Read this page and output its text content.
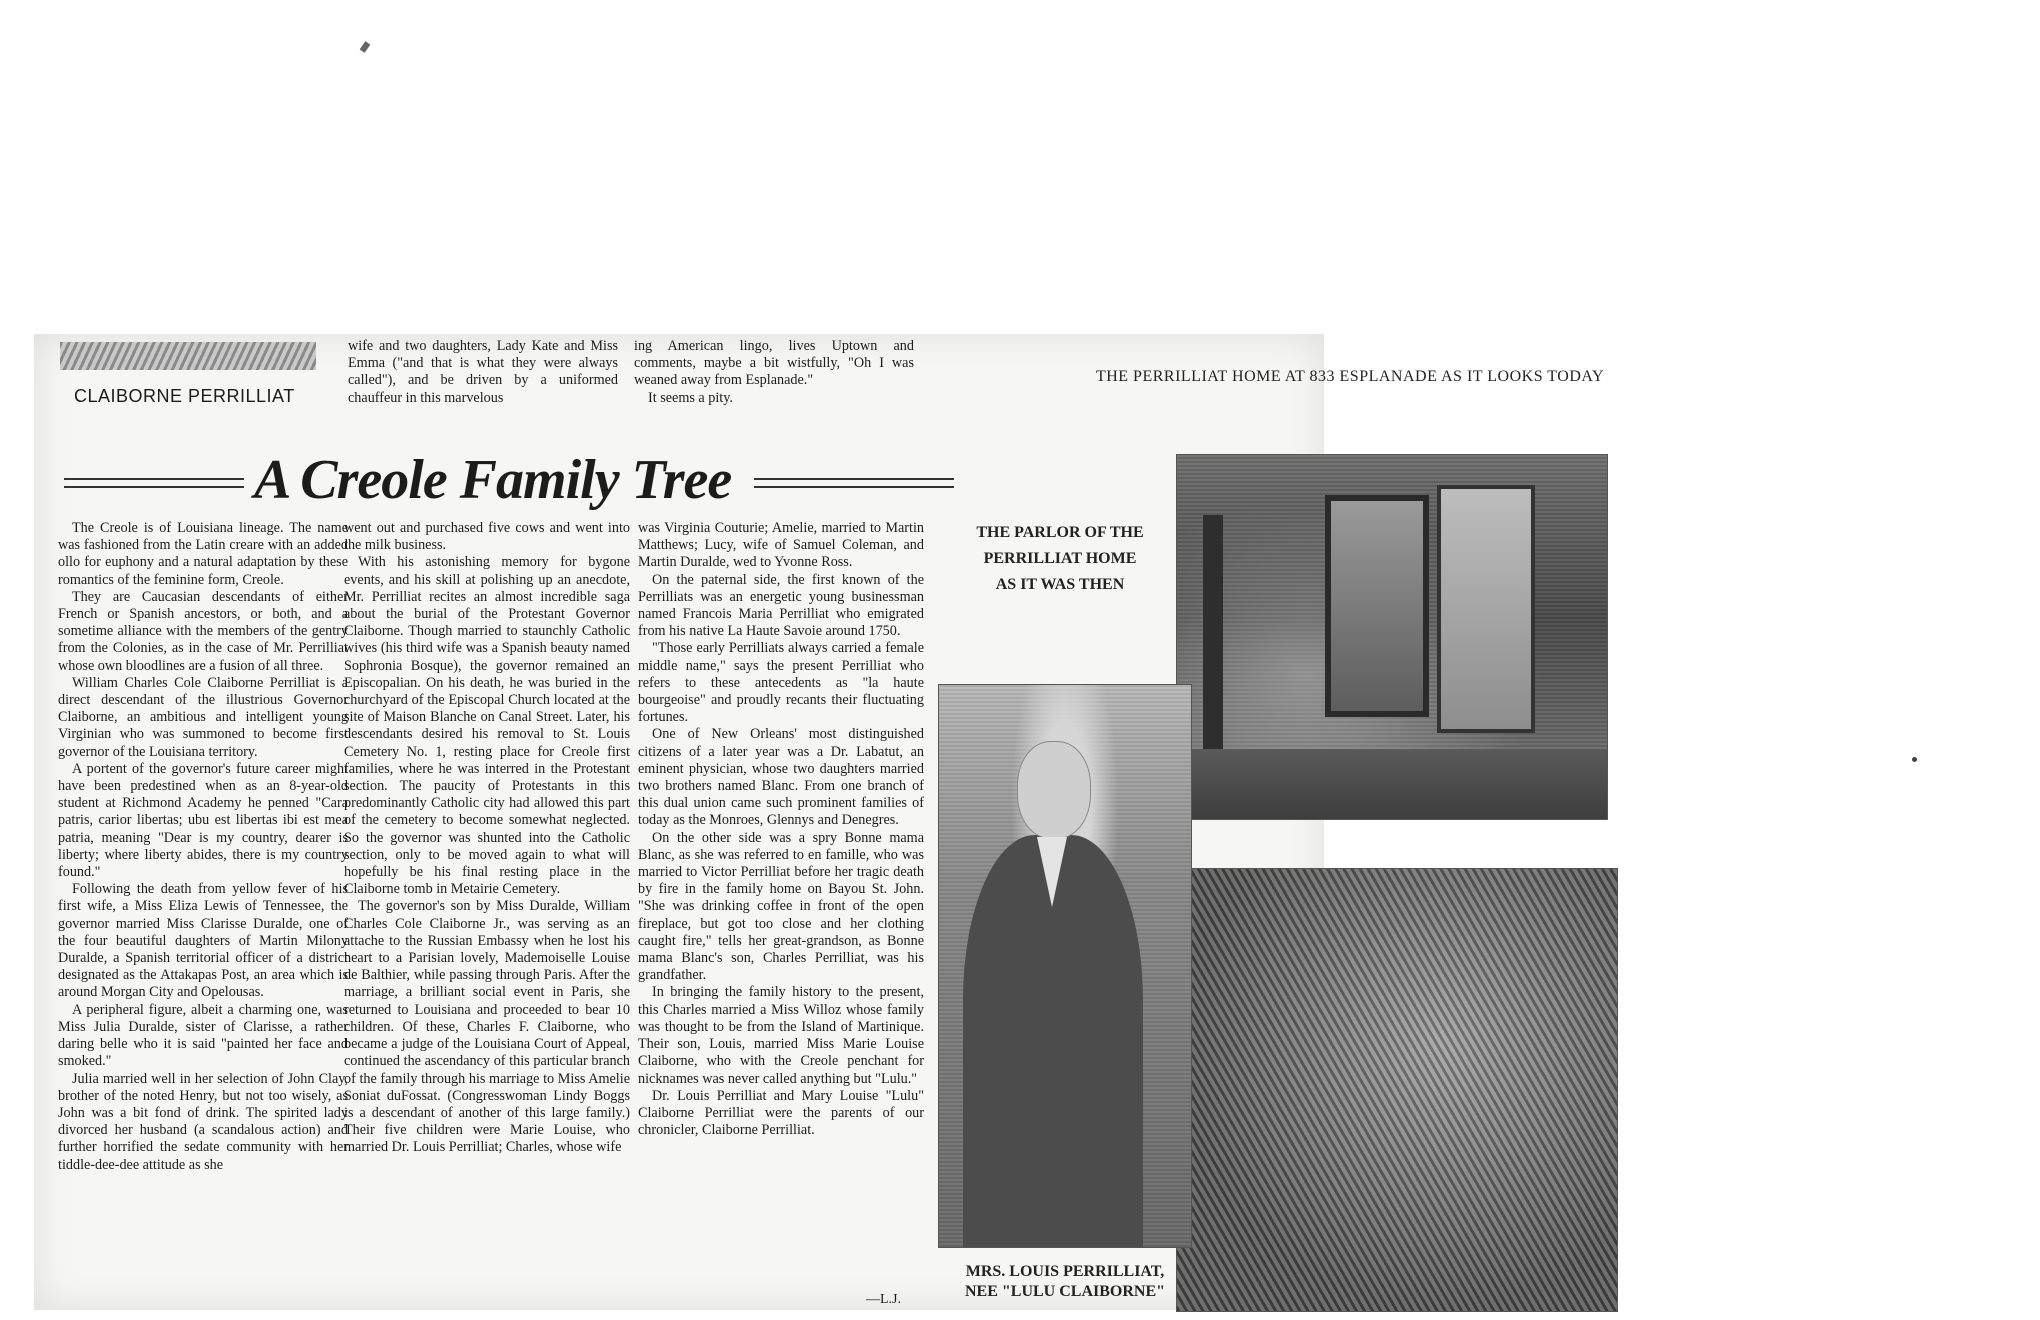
CLAIBORNE PERRILLIAT

wife and two daughters, Lady Kate and Miss Emma ("and that is what they were always called"), and be driven by a uniformed chauffeur in this marvelous

ing American lingo, lives Uptown and comments, maybe a bit wistfully, "Oh I was weaned away from Esplanade."

It seems a pity.

A Creole Family Tree

The Creole is of Louisiana lineage. The name was fashioned from the Latin creare with an added ollo for euphony and a natural adaptation by these romantics of the feminine form, Creole.

They are Caucasian descendants of either French or Spanish ancestors, or both, and a sometime alliance with the members of the gentry from the Colonies, as in the case of Mr. Perrilliat whose own bloodlines are a fusion of all three.

William Charles Cole Claiborne Perrilliat is a direct descendant of the illustrious Governor Claiborne, an ambitious and intelligent young Virginian who was summoned to become first governor of the Louisiana territory.

A portent of the governor's future career might have been predestined when as an 8-year-old student at Richmond Academy he penned "Cara patris, carior libertas; ubu est libertas ibi est mea patria, meaning "Dear is my country, dearer is liberty; where liberty abides, there is my country found."

Following the death from yellow fever of his first wife, a Miss Eliza Lewis of Tennessee, the governor married Miss Clarisse Duralde, one of the four beautiful daughters of Martin Milony Duralde, a Spanish territorial officer of a district designated as the Attakapas Post, an area which is around Morgan City and Opelousas.

A peripheral figure, albeit a charming one, was Miss Julia Duralde, sister of Clarisse, a rather daring belle who it is said "painted her face and smoked."

Julia married well in her selection of John Clay, brother of the noted Henry, but not too wisely, as John was a bit fond of drink. The spirited lady divorced her husband (a scandalous action) and further horrified the sedate community with her tiddle-dee-dee attitude as she

went out and purchased five cows and went into the milk business.

With his astonishing memory for bygone events, and his skill at polishing up an anecdote, Mr. Perrilliat recites an almost incredible saga about the burial of the Protestant Governor Claiborne. Though married to staunchly Catholic wives (his third wife was a Spanish beauty named Sophronia Bosque), the governor remained an Episcopalian. On his death, he was buried in the churchyard of the Episcopal Church located at the site of Maison Blanche on Canal Street. Later, his descendants desired his removal to St. Louis Cemetery No. 1, resting place for Creole first families, where he was interred in the Protestant section. The paucity of Protestants in this predominantly Catholic city had allowed this part of the cemetery to become somewhat neglected. So the governor was shunted into the Catholic section, only to be moved again to what will hopefully be his final resting place in the Claiborne tomb in Metairie Cemetery.

The governor's son by Miss Duralde, William Charles Cole Claiborne Jr., was serving as an attache to the Russian Embassy when he lost his heart to a Parisian lovely, Mademoiselle Louise de Balthier, while passing through Paris. After the marriage, a brilliant social event in Paris, she returned to Louisiana and proceeded to bear 10 children. Of these, Charles F. Claiborne, who became a judge of the Louisiana Court of Appeal, continued the ascendancy of this particular branch of the family through his marriage to Miss Amelie Soniat duFossat. (Congresswoman Lindy Boggs is a descendant of another of this large family.) Their five children were Marie Louise, who married Dr. Louis Perrilliat; Charles, whose wife

was Virginia Couturie; Amelie, married to Martin Matthews; Lucy, wife of Samuel Coleman, and Martin Duralde, wed to Yvonne Ross.

On the paternal side, the first known of the Perrilliats was an energetic young businessman named Francois Maria Perrilliat who emigrated from his native La Haute Savoie around 1750.

"Those early Perrilliats always carried a female middle name," says the present Perrilliat who refers to these antecedents as "la haute bourgeoise" and proudly recants their fluctuating fortunes.

One of New Orleans' most distinguished citizens of a later year was a Dr. Labatut, an eminent physician, whose two daughters married two brothers named Blanc. From one branch of this dual union came such prominent families of today as the Monroes, Glennys and Denegres.

On the other side was a spry Bonne mama Blanc, as she was referred to en famille, who was married to Victor Perrilliat before her tragic death by fire in the family home on Bayou St. John. "She was drinking coffee in front of the open fireplace, but got too close and her clothing caught fire," tells her great-grandson, as Bonne mama Blanc's son, Charles Perrilliat, was his grandfather.

In bringing the family history to the present, this Charles married a Miss Willoz whose family was thought to be from the Island of Martinique. Their son, Louis, married Miss Marie Louise Claiborne, who with the Creole penchant for nicknames was never called anything but "Lulu."

Dr. Louis Perrilliat and Mary Louise "Lulu" Claiborne Perrilliat were the parents of our chronicler, Claiborne Perrilliat.

—L.J.
THE PERRILLIAT HOME AT 833 ESPLANADE AS IT LOOKS TODAY
THE PARLOR OF THE
PERRILLIAT HOME
AS IT WAS THEN
MRS. LOUIS PERRILLIAT,
NEE "LULU CLAIBORNE"
